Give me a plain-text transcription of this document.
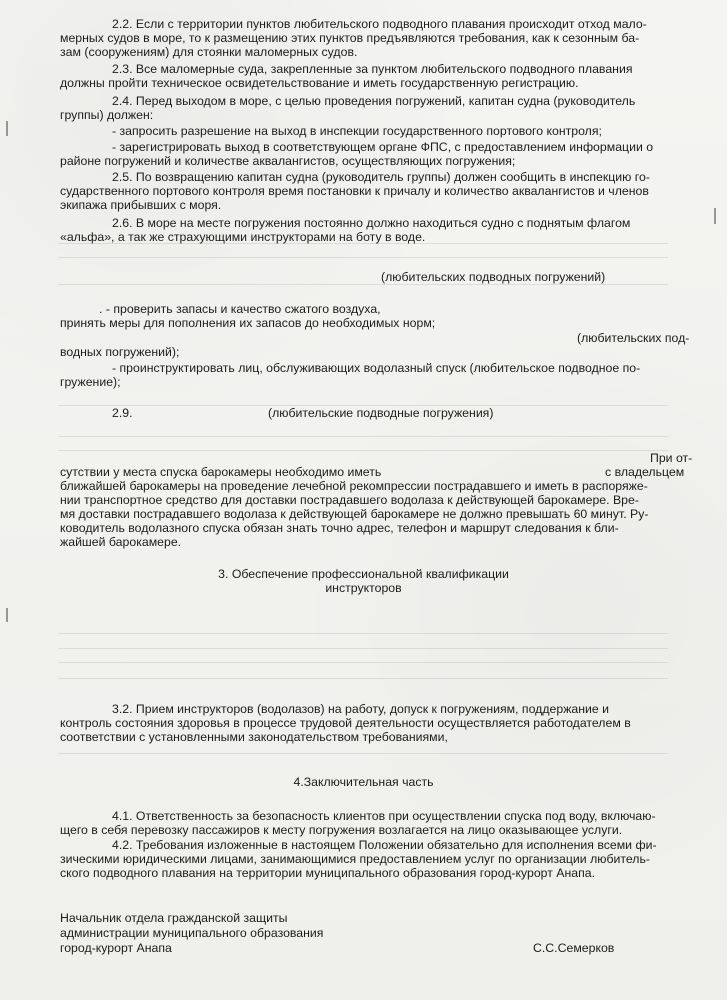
2.2. Если с территории пунктов любительского подводного плавания происходит отход мало-
мерных судов в море, то к размещению этих пунктов предъявляются требования, как к сезонным ба-
зам (сооружениям) для стоянки маломерных судов.
2.3. Все маломерные суда, закрепленные за пунктом любительского подводного плавания
должны пройти техническое освидетельствование и иметь государственную регистрацию.
2.4. Перед выходом в море, с целью проведения погружений, капитан судна (руководитель
группы) должен:
- запросить разрешение на выход в инспекции государственного портового контроля;
- зарегистрировать выход в соответствующем органе ФПС, с предоставлением информации о
районе погружений и количестве аквалангистов, осуществляющих погружения;
2.5. По возвращению капитан судна (руководитель группы) должен сообщить в инспекцию го-
сударственного портового контроля время постановки к причалу и количество аквалангистов и членов
экипажа прибывших с моря.
2.6. В море на месте погружения постоянно должно находиться судно с поднятым флагом
«альфа», а так же страхующими инструкторами на боту в воде.
(любительских подводных погружений)
. - проверить запасы и качество сжатого воздуха,
принять меры для пополнения их запасов до необходимых норм;
(любительских под-
водных погружений);
- проинструктировать лиц, обслуживающих водолазный спуск (любительское подводное по-
гружение);
2.9.	(любительские подводные погружения)
При от-
сутствии у места спуска барокамеры необходимо иметь	с владельцем
ближайшей барокамеры на проведение лечебной рекомпрессии пострадавшего и иметь в распоряже-
нии транспортное средство для доставки пострадавшего водолаза к действующей барокамере. Вре-
мя доставки пострадавшего водолаза к действующей барокамере не должно превышать 60 минут. Ру-
ководитель водолазного спуска обязан знать точно адрес, телефон и маршрут следования к бли-
жайшей барокамере.
3. Обеспечение профессиональной квалификации
инструкторов
3.2. Прием инструкторов (водолазов) на работу, допуск к погружениям, поддержание и
контроль состояния здоровья в процессе трудовой деятельности осуществляется работодателем в
соответствии с установленными законодательством требованиями,
4.Заключительная часть
4.1. Ответственность за безопасность клиентов при осуществлении спуска под воду, включаю-
щего в себя перевозку пассажиров к месту погружения возлагается на лицо оказывающее услуги.
4.2. Требования изложенные в настоящем Положении обязательно для исполнения всеми фи-
зическими юридическими лицами, занимающимися предоставлением услуг по организации любитель-
ского подводного плавания на территории муниципального образования город-курорт Анапа.
Начальник отдела гражданской защиты
администрации муниципального образования
город-курорт Анапа	С.С.Семерков
